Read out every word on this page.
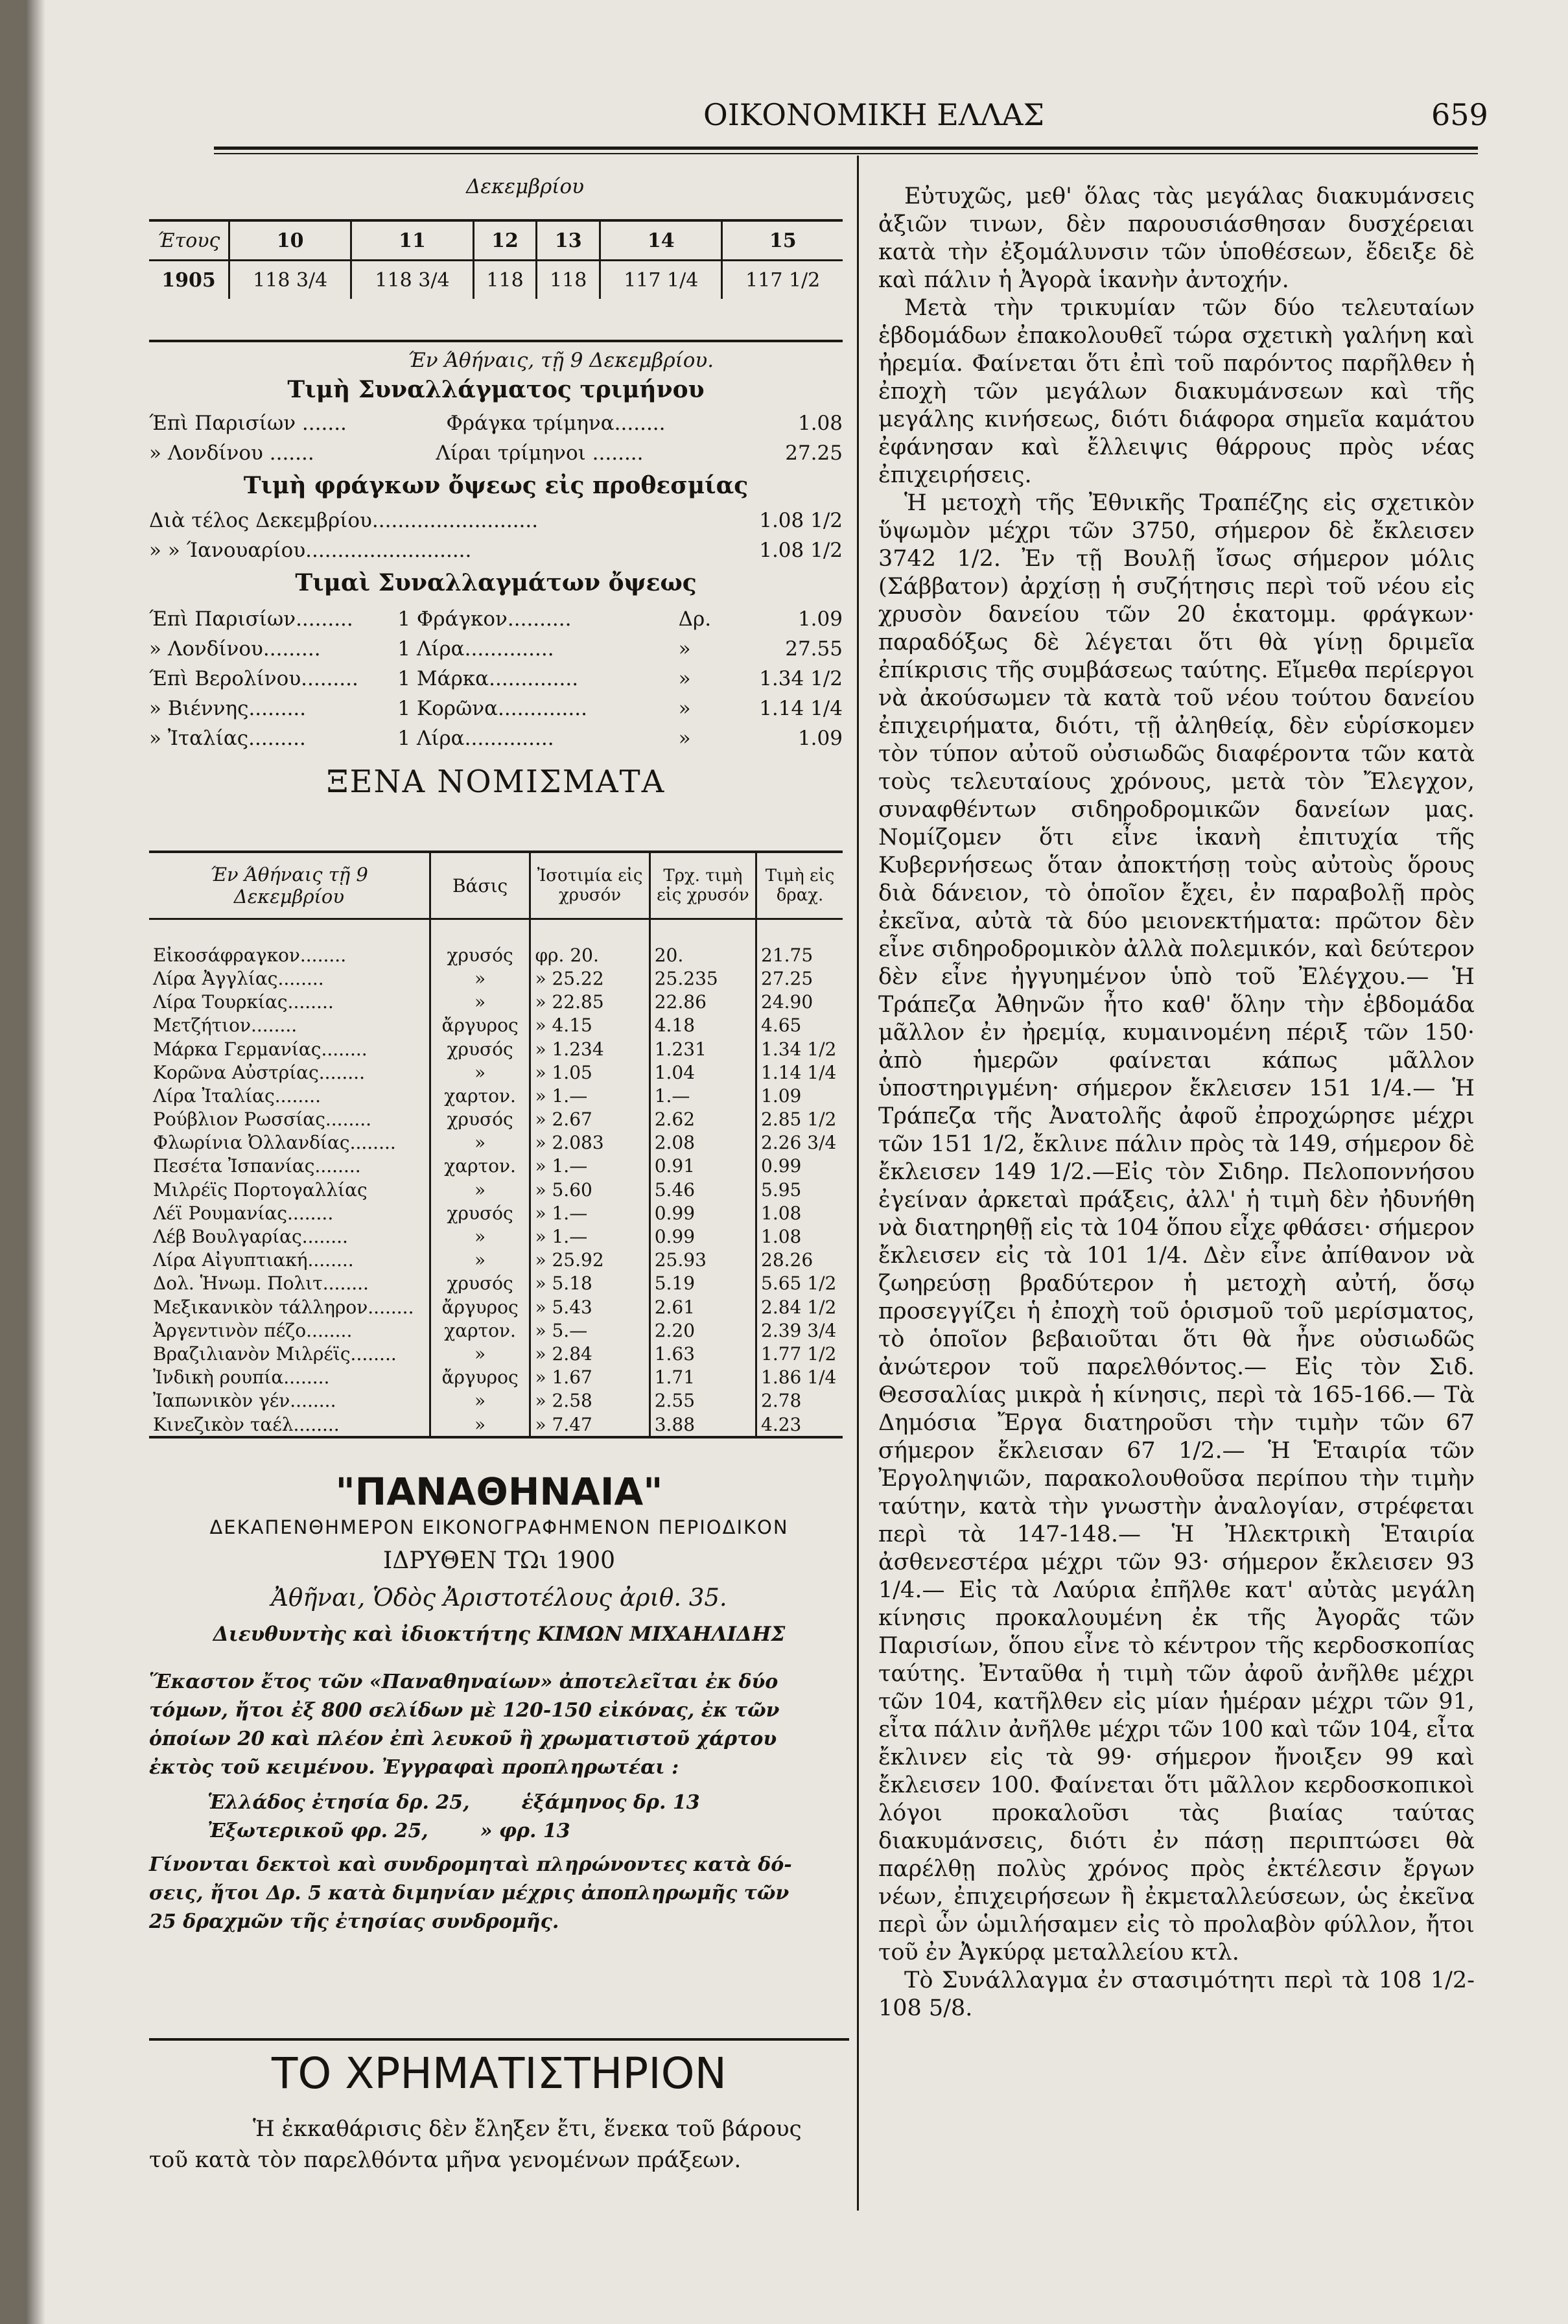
ΟΙΚΟΝΟΜΙΚΗ ΕΛΛΑΣ	659
Δεκεμβρίου
Έτους	10	11	12	13	14	15
1905	118 3/4	118 3/4	118	118	117 1/4	117 1/2
Έν Άθήναις, τῇ 9 Δεκεμβρίου.
Τιμὴ Συναλλάγματος τριμήνου
Έπὶ Παρισίων .......	Φράγκα τρίμηνα........	1.08
» Λονδίνου .......	Λίραι τρίμηνοι ........	27.25
Τιμὴ φράγκων ὄψεως εἰς προθεσμίας
Διὰ τέλος Δεκεμβρίου..........................	1.08 1/2
» » Ίανουαρίου..........................	1.08 1/2
Τιμαὶ Συναλλαγμάτων ὄψεως
Έπὶ Παρισίων.........	1 Φράγκον..........	Δρ.	1.09
» Λονδίνου.........	1 Λίρα..............	»	27.55
Έπὶ Βερολίνου......... 1 Μάρκα..............	»	1.34 1/2
» Βιέννης.........	1 Κορῶνα..............	»	1.14 1/4
» Ἰταλίας.........	1 Λίρα..............	»	1.09
ΞΕΝΑ ΝΟΜΙΣΜΑΤΑ
Έν Άθήναις τῇ 9 Δεκεμβρίου	Βάσις	Ἰσοτιμία εἰς χρυσόν	Τρχ. τιμὴ εἰς χρυσόν	Τιμὴ εἰς δραχ.

Εἰκοσάφραγκον........	χρυσός	φρ. 20.	20.	21.75
Λίρα Ἀγγλίας........	»	» 25.22	25.235	27.25
Λίρα Τουρκίας........	»	» 22.85	22.86	24.90
Μετζήτιον........	ἄργυρος	» 4.15	4.18	4.65
Μάρκα Γερμανίας........	χρυσός	» 1.234	1.231	1.34 1/2
Κορῶνα Αὐστρίας........	»	» 1.05	1.04	1.14 1/4
Λίρα Ἰταλίας........	χαρτον.	» 1.—	1.—	1.09
Ρούβλιον Ρωσσίας........	χρυσός	» 2.67	2.62	2.85 1/2
Φλωρίνια Ὀλλανδίας........	»	» 2.083	2.08	2.26 3/4
Πεσέτα Ἰσπανίας........	χαρτον.	» 1.—	0.91	0.99
Μιλρέϊς Πορτογαλλίας	»	» 5.60	5.46	5.95
Λέϊ Ρουμανίας........	χρυσός	» 1.—	0.99	1.08
Λέβ Βουλγαρίας........	»	» 1.—	0.99	1.08
Λίρα Αἰγυπτιακή........	»	» 25.92	25.93	28.26
Δολ. Ἡνωμ. Πολιτ........	χρυσός	» 5.18	5.19	5.65 1/2
Μεξικανικὸν τάλληρον........	ἄργυρος	» 5.43	2.61	2.84 1/2
Ἀργεντινὸν πέζο........	χαρτον.	» 5.—	2.20	2.39 3/4
Βραζιλιανὸν Μιλρέϊς........	»	» 2.84	1.63	1.77 1/2
Ἰνδικὴ ρουπία........	ἄργυρος	» 1.67	1.71	1.86 1/4
Ἰαπωνικὸν γέν........	»	» 2.58	2.55	2.78
Κινεζικὸν ταέλ........	»	» 7.47	3.88	4.23
"ΠΑΝΑΘΗΝΑΙΑ"
ΔΕΚΑΠΕΝΘΗΜΕΡΟΝ ΕΙΚΟΝΟΓΡΑΦΗΜΕΝΟΝ ΠΕΡΙΟΔΙΚΟΝ
ΙΔΡΥΘΕΝ ΤΩι 1900
Ἀθῆναι, Ὁδὸς Ἀριστοτέλους ἀριθ. 35.
Διευθυντὴς καὶ ἰδιοκτήτης ΚΙΜΩΝ ΜΙΧΑΗΛΙΔΗΣ
Ἕκαστον ἔτος τῶν «Παναθηναίων» ἀποτελεῖται ἐκ δύο
τόμων, ἤτοι ἐξ 800 σελίδων μὲ 120-150 εἰκόνας, ἐκ τῶν
ὁποίων 20 καὶ πλέον ἐπὶ λευκοῦ ἢ χρωματιστοῦ χάρτου
ἐκτὸς τοῦ κειμένου. Ἐγγραφαὶ προπληρωτέαι :
Ἑλλάδος ἐτησία δρ. 25,	ἑξάμηνος δρ. 13
Ἐξωτερικοῦ φρ. 25,	» φρ. 13
Γίνονται δεκτοὶ καὶ συνδρομηταὶ πληρώνοντες κατὰ δό-
σεις, ἤτοι Δρ. 5 κατὰ διμηνίαν μέχρις ἀποπληρωμῆς τῶν
25 δραχμῶν τῆς ἐτησίας συνδρομῆς.
ΤΟ ΧΡΗΜΑΤΙΣΤΗΡΙΟΝ
Ἡ ἐκκαθάρισις δὲν ἔληξεν ἔτι, ἕνεκα τοῦ βάρους
τοῦ κατὰ τὸν παρελθόντα μῆνα γενομένων πράξεων.

Εὐτυχῶς, μεθ' ὅλας τὰς μεγάλας διακυμάνσεις ἀξιῶν τινων, δὲν παρουσιάσθησαν δυσχέρειαι κατὰ τὴν ἐξομάλυνσιν τῶν ὑποθέσεων, ἔδειξε δὲ καὶ πάλιν ἡ Ἀγορὰ ἱκανὴν ἀντοχήν.

Μετὰ τὴν τρικυμίαν τῶν δύο τελευταίων ἑβδομάδων ἐπακολουθεῖ τώρα σχετικὴ γαλήνη καὶ ἠρεμία. Φαίνεται ὅτι ἐπὶ τοῦ παρόντος παρῆλθεν ἡ ἐποχὴ τῶν μεγάλων διακυμάνσεων καὶ τῆς μεγάλης κινήσεως, διότι διάφορα σημεῖα καμάτου ἐφάνησαν καὶ ἔλλειψις θάρρους πρὸς νέας ἐπιχειρήσεις.

Ἡ μετοχὴ τῆς Ἐθνικῆς Τραπέζης εἰς σχετικὸν ὕψωμὸν μέχρι τῶν 3750, σήμερον δὲ ἔκλεισεν 3742 1/2. Ἐν τῇ Βουλῇ ἴσως σήμερον μόλις (Σάββατον) ἀρχίσῃ ἡ συζήτησις περὶ τοῦ νέου εἰς χρυσὸν δανείου τῶν 20 ἑκατομμ. φράγκων· παραδόξως δὲ λέγεται ὅτι θὰ γίνῃ δριμεῖα ἐπίκρισις τῆς συμβάσεως ταύτης. Εἴμεθα περίεργοι νὰ ἀκούσωμεν τὰ κατὰ τοῦ νέου τούτου δανείου ἐπιχειρήματα, διότι, τῇ ἀληθείᾳ, δὲν εὑρίσκομεν τὸν τύπον αὐτοῦ οὐσιωδῶς διαφέροντα τῶν κατὰ τοὺς τελευταίους χρόνους, μετὰ τὸν Ἔλεγχον, συναφθέντων σιδηροδρομικῶν δανείων μας. Νομίζομεν ὅτι εἶνε ἱκανὴ ἐπιτυχία τῆς Κυβερνήσεως ὅταν ἀποκτήσῃ τοὺς αὐτοὺς ὅρους διὰ δάνειον, τὸ ὁποῖον ἔχει, ἐν παραβολῇ πρὸς ἐκεῖνα, αὐτὰ τὰ δύο μειονεκτήματα: πρῶτον δὲν εἶνε σιδηροδρομικὸν ἀλλὰ πολεμικόν, καὶ δεύτερον δὲν εἶνε ἠγγυημένον ὑπὸ τοῦ Ἐλέγχου.— Ἡ Τράπεζα Ἀθηνῶν ἦτο καθ' ὅλην τὴν ἑβδομάδα μᾶλλον ἐν ἠρεμίᾳ, κυμαινομένη πέριξ τῶν 150· ἀπὸ ἡμερῶν φαίνεται κάπως μᾶλλον ὑποστηριγμένη· σήμερον ἔκλεισεν 151 1/4.— Ἡ Τράπεζα τῆς Ἀνατολῆς ἀφοῦ ἐπροχώρησε μέχρι τῶν 151 1/2, ἔκλινε πάλιν πρὸς τὰ 149, σήμερον δὲ ἔκλεισεν 149 1/2.—Εἰς τὸν Σιδηρ. Πελοποννήσου ἐγείναν ἀρκεταὶ πράξεις, ἀλλ' ἡ τιμὴ δὲν ἠδυνήθη νὰ διατηρηθῇ εἰς τὰ 104 ὅπου εἶχε φθάσει· σήμερον ἔκλεισεν εἰς τὰ 101 1/4. Δὲν εἶνε ἀπίθανον νὰ ζωηρεύσῃ βραδύτερον ἡ μετοχὴ αὐτή, ὅσῳ προσεγγίζει ἡ ἐποχὴ τοῦ ὁρισμοῦ τοῦ μερίσματος, τὸ ὁποῖον βεβαιοῦται ὅτι θὰ ἦνε οὐσιωδῶς ἀνώτερον τοῦ παρελθόντος.— Εἰς τὸν Σιδ. Θεσσαλίας μικρὰ ἡ κίνησις, περὶ τὰ 165-166.— Τὰ Δημόσια Ἔργα διατηροῦσι τὴν τιμὴν τῶν 67 σήμερον ἔκλεισαν 67 1/2.— Ἡ Ἑταιρία τῶν Ἐργοληψιῶν, παρακολουθοῦσα περίπου τὴν τιμὴν ταύτην, κατὰ τὴν γνωστὴν ἀναλογίαν, στρέφεται περὶ τὰ 147-148.— Ἡ Ἠλεκτρικὴ Ἑταιρία ἀσθενεστέρα μέχρι τῶν 93· σήμερον ἔκλεισεν 93 1/4.— Εἰς τὰ Λαύρια ἐπῆλθε κατ' αὐτὰς μεγάλη κίνησις προκαλουμένη ἐκ τῆς Ἀγορᾶς τῶν Παρισίων, ὅπου εἶνε τὸ κέντρον τῆς κερδοσκοπίας ταύτης. Ἐνταῦθα ἡ τιμὴ τῶν ἀφοῦ ἀνῆλθε μέχρι τῶν 104, κατῆλθεν εἰς μίαν ἡμέραν μέχρι τῶν 91, εἶτα πάλιν ἀνῆλθε μέχρι τῶν 100 καὶ τῶν 104, εἶτα ἔκλινεν εἰς τὰ 99· σήμερον ἤνοιξεν 99 καὶ ἔκλεισεν 100. Φαίνεται ὅτι μᾶλλον κερδοσκοπικοὶ λόγοι προκαλοῦσι τὰς βιαίας ταύτας διακυμάνσεις, διότι ἐν πάσῃ περιπτώσει θὰ παρέλθῃ πολὺς χρόνος πρὸς ἐκτέλεσιν ἔργων νέων, ἐπιχειρήσεων ἢ ἐκμεταλλεύσεων, ὡς ἐκεῖνα περὶ ὧν ὡμιλήσαμεν εἰς τὸ προλαβὸν φύλλον, ἤτοι τοῦ ἐν Ἀγκύρᾳ μεταλλείου κτλ.

Τὸ Συνάλλαγμα ἐν στασιμότητι περὶ τὰ 108 1/2-108 5/8.
